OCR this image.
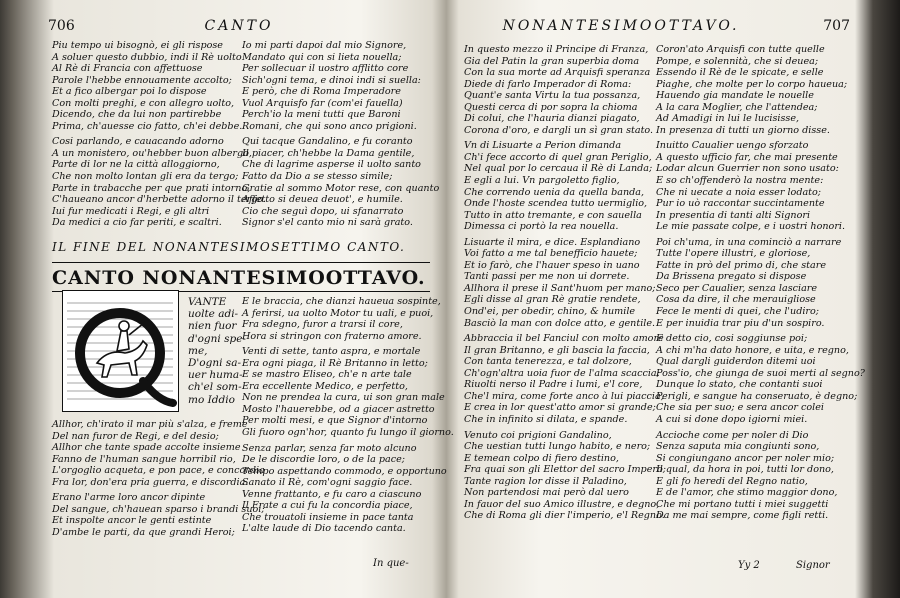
706	CANTO
Piu tempo ui bisognò, ei gli rispose
A soluer questo dubbio, indi il Rè uolto
Al Rè di Francia con affettuose
Parole l'hebbe ennouamente accolto;
Et a fico albergar poi lo dispose
Con molti preghi, e con allegro uolto,
Dicendo, che da lui non partirebbe
Prima, ch'auesse cio fatto, ch'ei debbe.
Cosi parlando, e cauacando adorno
A un monistero, ou'hebber buon albergo,
Parte di lor ne la città alloggiorno,
Che non molto lontan gli era da tergo;
Parte in trabacche per que prati intorno,
C'haueano ancor d'herbette adorno il tergo.
Iui fur medicati i Regi, e gli altri
Da medici a cio far periti, e scaltri.
Io mi parti dapoi dal mio Signore,
Mandato qui con si lieta nouella;
Per sollecuar il uostro afflitto core
Sich'ogni tema, e dinoi indi si suella:
E però, che di Roma Imperadore
Vuol Arquisfo far (com'ei fauella)
Perch'io la meni tutti que Baroni
Romani, che qui sono anco prigioni.
Qui tacque Gandalino, e fu coranto
Il piacer, ch'hebbe la Dama gentile,
Che di lagrime asperse il uolto santo
Fatto da Dio a se stesso simile;
Gratie al sommo Motor rese, con quanto
Affetto si deuea deuot', e humile.
Cio che seguì dopo, ui sfanarrato
Signor s'el canto mio ni sarà grato.
IL FINE DEL NONANTESIMOSETTIMO CANTO.
CANTO NONANTESIMOOTTAVO.
VANTE
uolte adi-
nien fuor
d'ogni spe-
me,
D'ogni sa-
uer huma-
ch'el som-
mo Iddio
Allhor, ch'irato il mar più s'alza, e freme
Del nan furor de Regi, e del desio;
Allhor che tante spade accolte insieme
Fanno de l'human sangue horribil rio,
L'orgoglio acqueta, e pon pace, e concordia
Fra lor, don'era pria guerra, e discordia.
Erano l'arme loro ancor dipinte
Del sangue, ch'hauean sparso i brandi suoi;
Et inspolte ancor le genti estinte
D'ambe le parti, da que grandi Heroi;
E le braccia, che dianzi haueua sospinte,
A ferirsi, ua uolto Motor tu uali, e puoi,
Fra sdegno, furor a trarsi il core,
Hora si stringon con fraterno amore.
Venti di sette, tanto aspra, e mortale
Era ogni piaga, il Rè Britanno in letto;
E se mastro Eliseo, ch'e n arte tale
Era eccellente Medico, e perfetto,
Non ne prendea la cura, ui son gran male
Mosto l'hauerebbe, od a giacer astretto
Per molti mesi, e que Signor d'intorno
Gli fuoro ogn'hor, quanto fu lungo il giorno.
Senza parlar, senza far moto alcuno
De le discordie loro, o de la pace;
Tempo aspettando commodo, e opportuno
Sanato il Rè, com'ogni saggio face.
Venne frattanto, e fu caro a ciascuno
Il Frate a cui fu la concordia piace,
Che trouatoli insieme in pace tanta
L'alte laude di Dio tacendo canta.
In que-
NONANTESIMOOTTAVO.	707
In questo mezzo il Principe di Franza,
Gia del Patin la gran superbia doma
Con la sua morte ad Arquisfi speranza
Diede di farlo Imperador di Roma:
Quant'e santa Virtu la tua possanza,
Questi cerca di por sopra la chioma
Di colui, che l'hauria dianzi piagato,
Corona d'oro, e dargli un sì gran stato.
Vn di Lisuarte a Perion dimanda
Ch'i fece accorto di quel gran Periglio,
Nel qual por lo cercaua il Rè di Landa;
E egli a lui. Vn pargoletto figlio,
Che correndo uenia da quella banda,
Onde l'hoste scendea tutto uermiglio,
Tutto in atto tremante, e con sauella
Dimessa ci portò la rea nouella.
Lisuarte il mira, e dice. Esplandiano
Voi fatto a me tal benefficio hauete;
Et io farò, che l'hauer speso in uano
Tanti passi per me non ui dorrete.
Allhora il prese il Sant'huom per mano;
Egli disse al gran Rè gratie rendete,
Ond'ei, per obedir, chino, & humile
Basciò la man con dolce atto, e gentile.
Abbraccia il bel Fanciul con molto amore
Il gran Britanno, e gli bascia la faccia,
Con tanta tenerezza, e tal dolzore,
Ch'ogn'altra uoia fuor de l'alma scaccia;
Riuolti nerso il Padre i lumi, e'l core,
Che'l mira, come forte anco à lui piaccia,
E crea in lor quest'atto amor si grande;
Che in infinito si dilata, e spande.
Venuto coi prigioni Gandalino,
Che uestian tutti lungo habito, e nero;
E temean colpo di fiero destino,
Fra quai son gli Elettor del sacro Impero;
Tante ragion lor disse il Paladino,
Non partendosi mai però dal uero
In fauor del suo Amico illustre, e degno,
Che di Roma gli dier l'imperio, e'l Regno.
Coron'ato Arquisfi con tutte quelle
Pompe, e solennità, che si deuea;
Essendo il Rè de le spicate, e selle
Piaghe, che molte per lo corpo haueua;
Hauendo gia mandate le nouelle
A la cara Moglier, che l'attendea;
Ad Amadigi in lui le lucisisse,
In presenza di tutti un giorno disse.
Inuitto Caualier uengo sforzato
A questo ufficio far, che mai presente
Lodar alcun Guerrier non sono usato:
E so ch'offenderò la nostra mente:
Che ni uecate a noia esser lodato;
Pur io uò raccontar succintamente
In presentia di tanti alti Signori
Le mie passate colpe, e i uostri honori.
Poi ch'uma, in una cominciò a narrare
Tutte l'opere illustri, e gloriose,
Fatte in prò del primo di, che stare
Da Brissena pregato si dispose
Seco per Caualier, senza lasciare
Cosa da dire, il che merauigliose
Fece le menti di quei, che l'udiro;
E per inuidia trar piu d'un sospiro.
E detto cio, cosi soggiunse poi;
A chi m'ha dato honore, e uita, e regno,
Qual dargli guiderdon ditemi uoi
Poss'io, che giunga de suoi merti al segno?
Dunque lo stato, che contanti suoi
Perigli, e sangue ha conseruato, è degno;
Che sia per suo; e sera ancor colei
A cui si done dopo igiorni miei.
Accioche come per noler di Dio
Senza saputa mia congiunti sono,
Si congiungano ancor per noler mio;
Il qual, da hora in poi, tutti lor dono,
E gli fo heredi del Regno natio,
E de l'amor, che stimo maggior dono,
Che mi portano tutti i miei suggetti
Da me mai sempre, come figli retti.
Yy 2	Signor
